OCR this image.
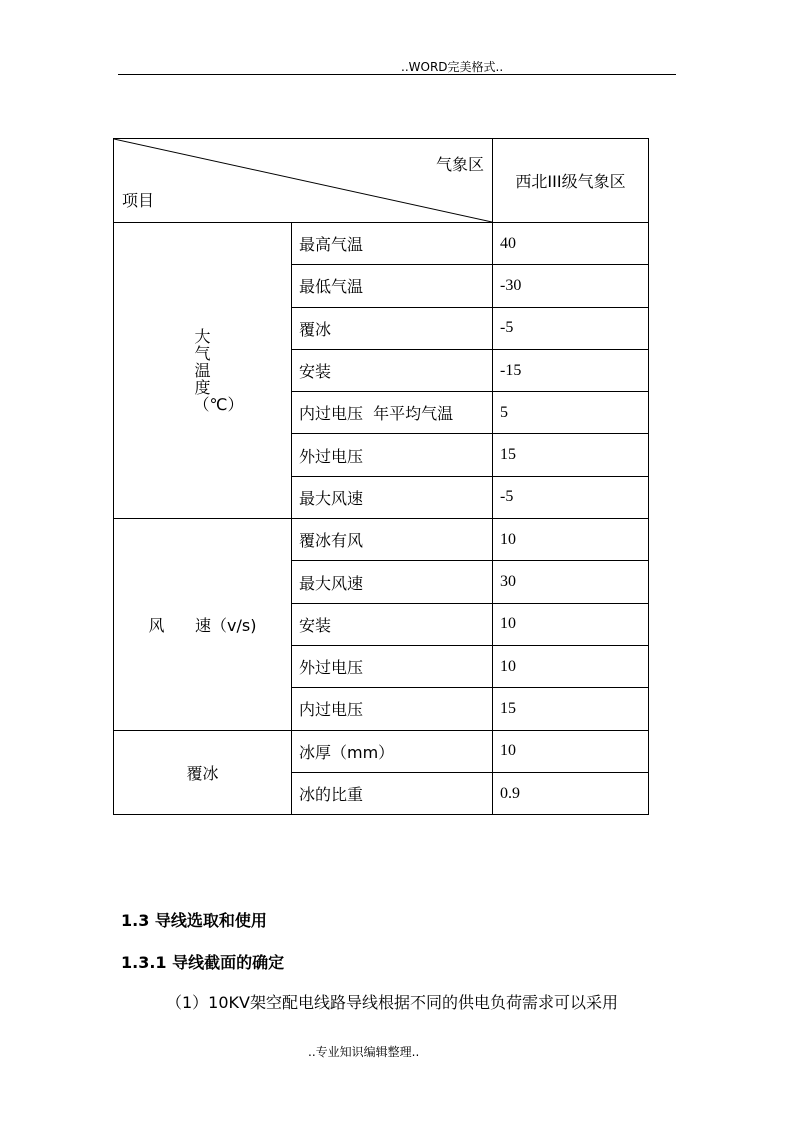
..WORD完美格式..
气象区
项目		西北III级气象区
大气温度（℃）	最高气温	40
	最低气温	-30
	覆冰	-5
	安装	-15
	内过电压  年平均气温	5
	外过电压	15
	最大风速	-5
风      速（v/s)	覆冰有风	10
	最大风速	30
	安装	10
	外过电压	10
	内过电压	15
覆冰	冰厚（mm）	10
	冰的比重	0.9
1.3 导线选取和使用
1.3.1 导线截面的确定
（1）10KV架空配电线路导线根据不同的供电负荷需求可以采用
..专业知识编辑整理..
